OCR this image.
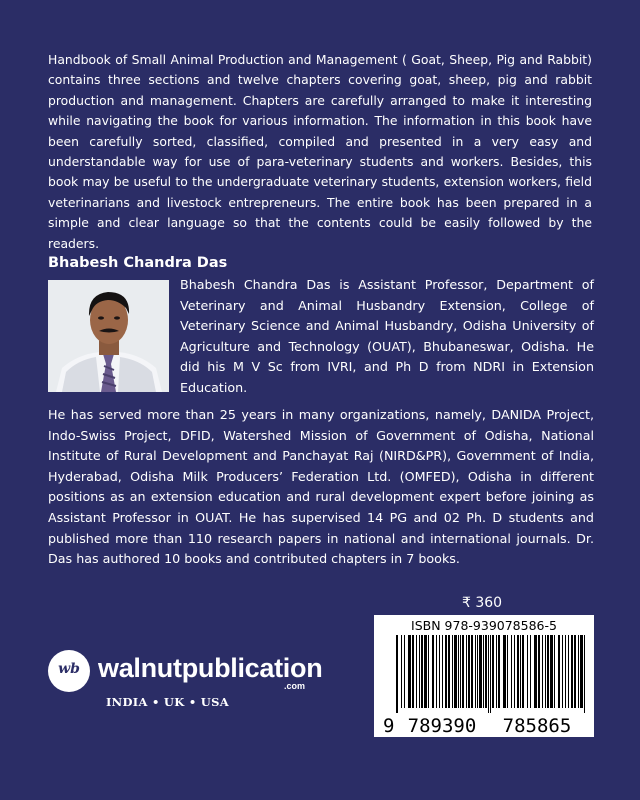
Handbook of Small Animal Production and Management ( Goat, Sheep, Pig and Rabbit) contains three sections and twelve chapters covering goat, sheep, pig and rabbit production and management. Chapters are carefully arranged to make it interesting while navigating the book for various information. The information in this book have been carefully sorted, classified, compiled and presented in a very easy and understandable way for use of para-veterinary students and workers. Besides, this book may be useful to the undergraduate veterinary students, extension workers, field veterinarians and livestock entrepreneurs. The entire book has been prepared in a simple and clear language so that the contents could be easily followed by the readers.

Bhabesh Chandra Das

Bhabesh Chandra Das is Assistant Professor, Department of Veterinary and Animal Husbandry Extension, College of Veterinary Science and Animal Husbandry, Odisha University of Agriculture and Technology (OUAT), Bhubaneswar, Odisha. He did his M V Sc from IVRI, and Ph D from NDRI in Extension Education.

He has served more than 25 years in many organizations, namely, DANIDA Project, Indo-Swiss Project, DFID, Watershed Mission of Government of Odisha, National Institute of Rural Development and Panchayat Raj (NIRD&PR), Government of India, Hyderabad, Odisha Milk Producers’ Federation Ltd. (OMFED), Odisha in different positions as an extension education and rural development expert before joining as Assistant Professor in OUAT. He has supervised 14 PG and 02 Ph. D students and published more than 110 research papers in national and international journals. Dr. Das has authored 10 books and contributed chapters in 7 books.

₹ 360

9 789390 785865

ISBN 978-939078586-5

wb walnutpublication

.com

INDIA • UK • USA
